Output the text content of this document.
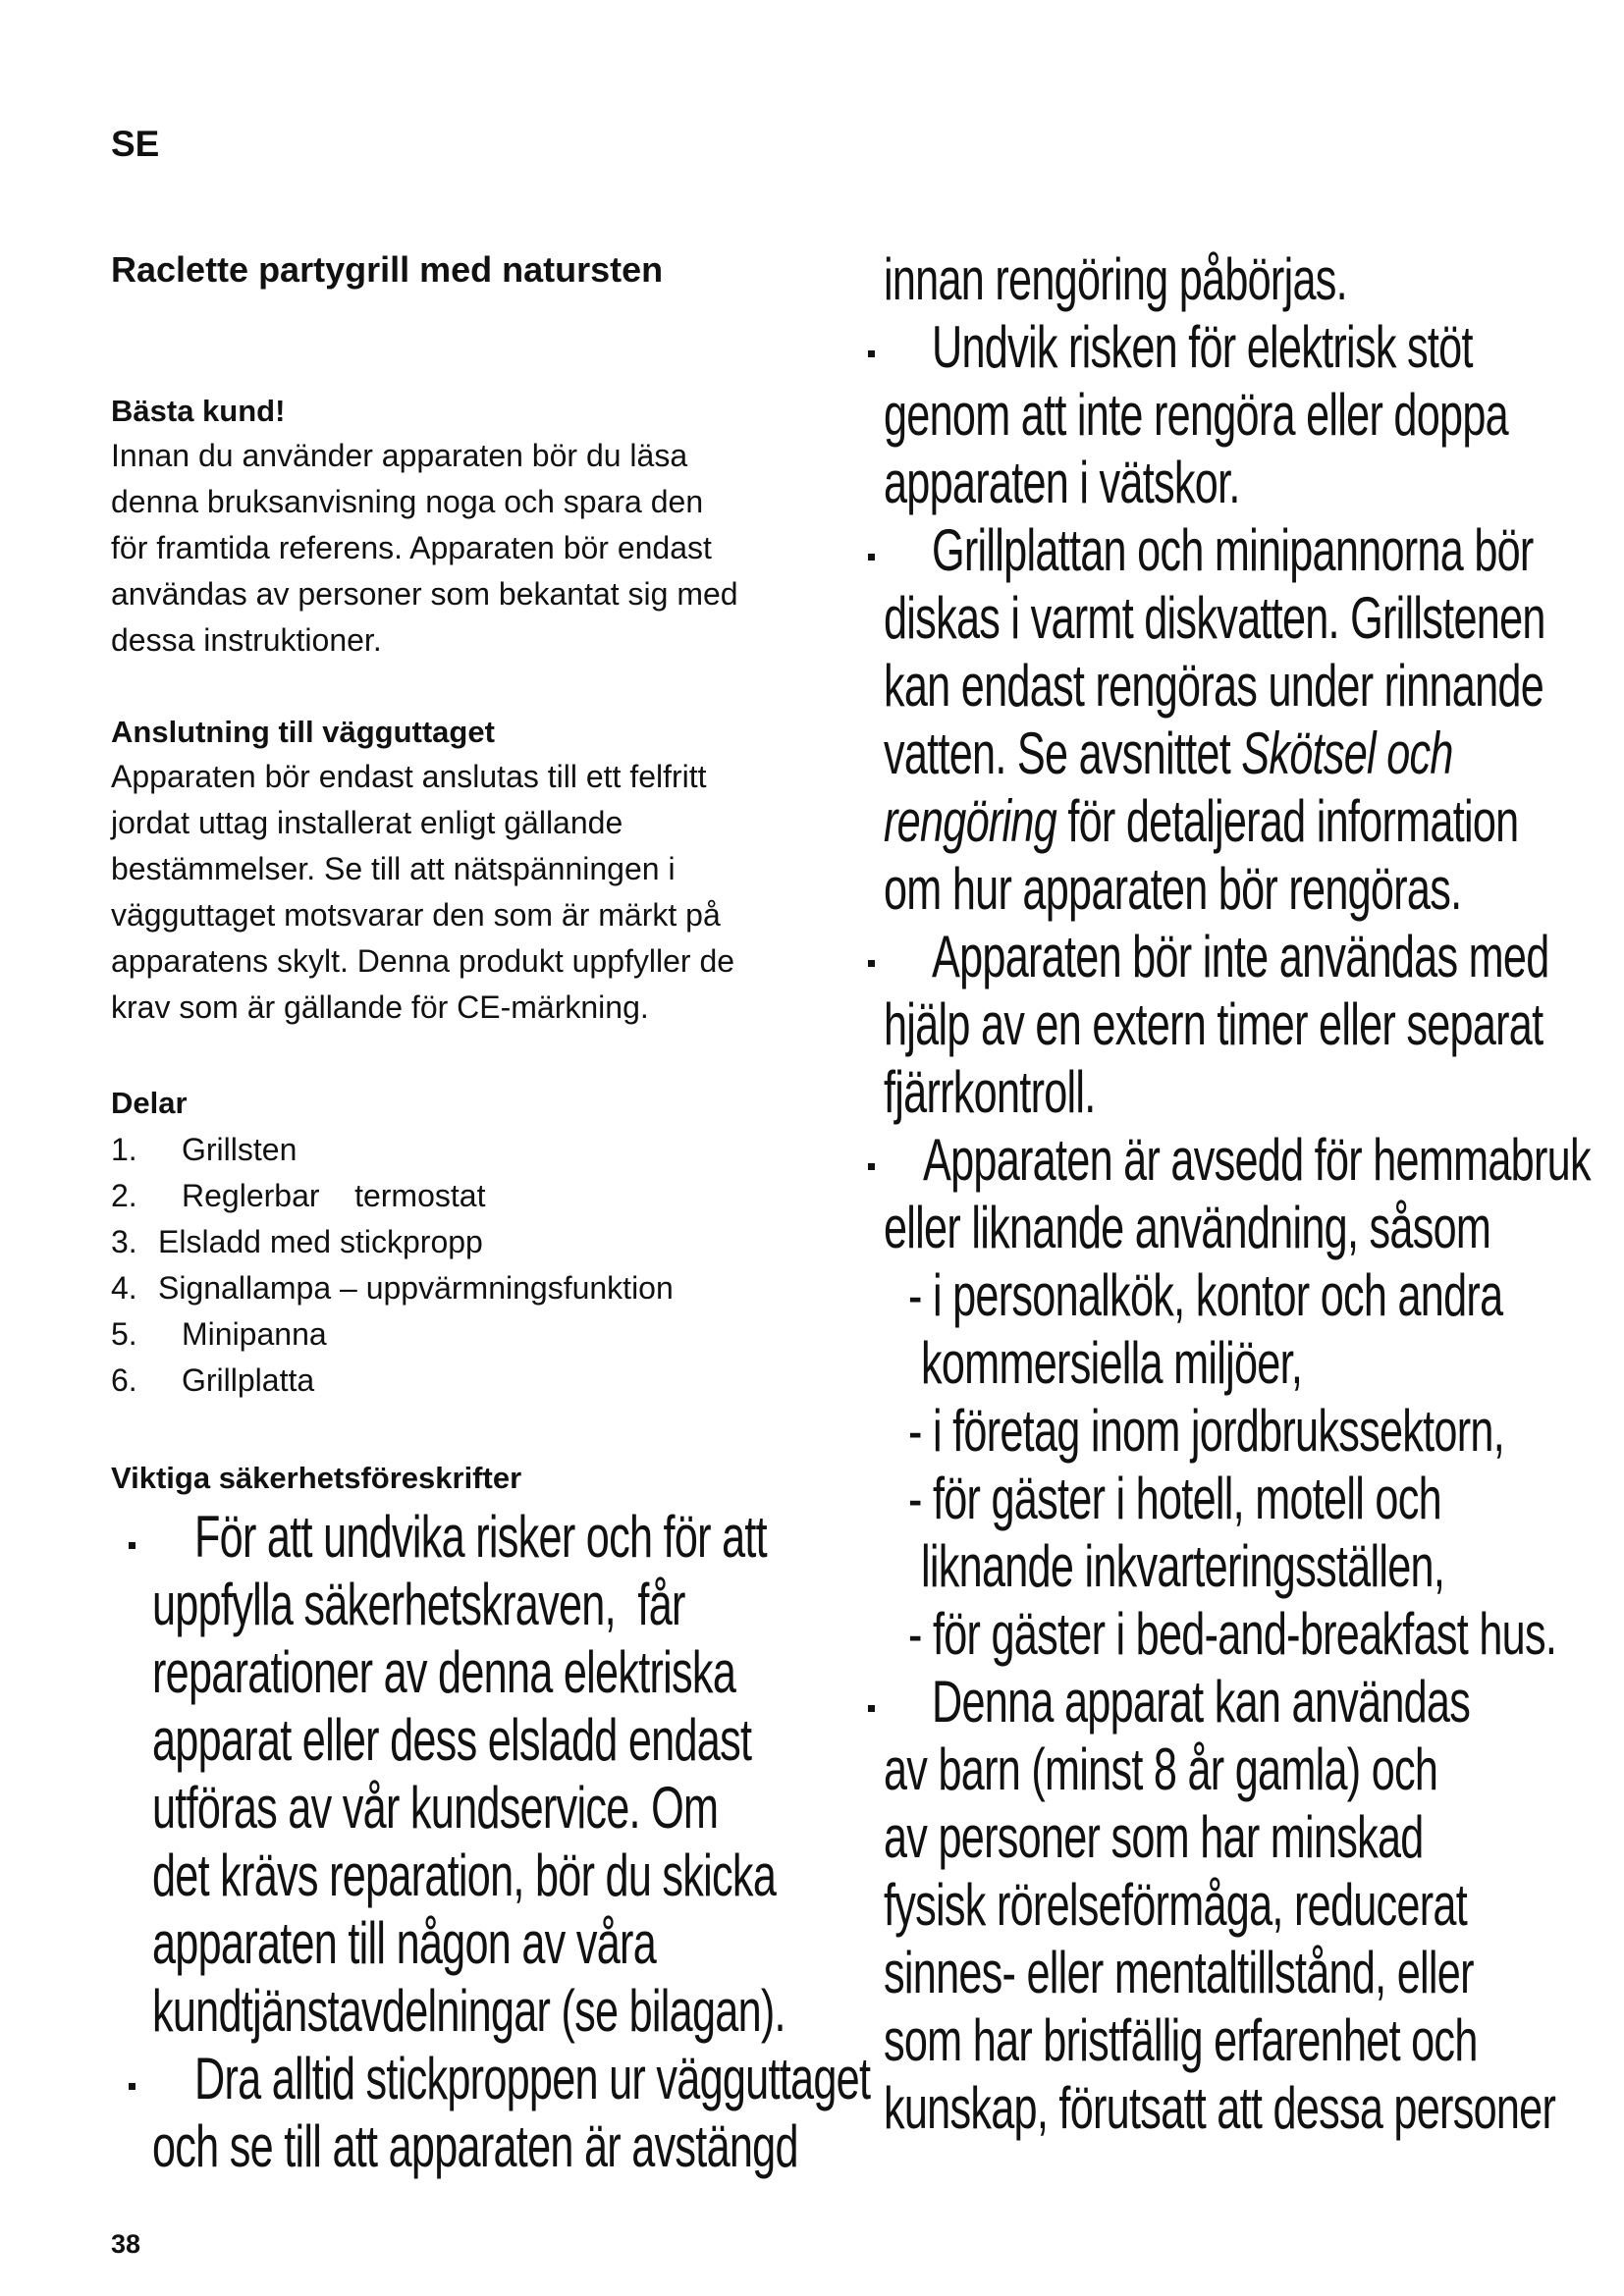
SE
Raclette partygrill med natursten
Bästa kund!
Innan du använder apparaten bör du läsa
denna bruksanvisning noga och spara den
för framtida referens. Apparaten bör endast
användas av personer som bekantat sig med
dessa instruktioner.
Anslutning till vägguttaget
Apparaten bör endast anslutas till ett felfritt
jordat uttag installerat enligt gällande
bestämmelser. Se till att nätspänningen i
vägguttaget motsvarar den som är märkt på
apparatens skylt. Denna produkt uppfyller de
krav som är gällande för CE-märkning.
Delar
1.	Grillsten
2.	Reglerbar    termostat
3. Elsladd med stickpropp
4. Signallampa – uppvärmningsfunktion
5.	Minipanna
6.	Grillplatta
Viktiga säkerhetsföreskrifter
För att undvika risker och för att
uppfylla säkerhetskraven,  får
reparationer av denna elektriska
apparat eller dess elsladd endast
utföras av vår kundservice. Om
det krävs reparation, bör du skicka
apparaten till någon av våra
kundtjänstavdelningar (se bilagan).
Dra alltid stickproppen ur vägguttaget
och se till att apparaten är avstängd
innan rengöring påbörjas.
Undvik risken för elektrisk stöt
genom att inte rengöra eller doppa
apparaten i vätskor.
Grillplattan och minipannorna bör
diskas i varmt diskvatten. Grillstenen
kan endast rengöras under rinnande
vatten. Se avsnittet Skötsel och
rengöring för detaljerad information
om hur apparaten bör rengöras.
Apparaten bör inte användas med
hjälp av en extern timer eller separat
fjärrkontroll.
Apparaten är avsedd för hemmabruk
eller liknande användning, såsom
- i personalkök, kontor och andra
kommersiella miljöer,
- i företag inom jordbrukssektorn,
- för gäster i hotell, motell och
liknande inkvarteringsställen,
- för gäster i bed-and-breakfast hus.
Denna apparat kan användas
av barn (minst 8 år gamla) och
av personer som har minskad
fysisk rörelseförmåga, reducerat
sinnes- eller mentaltillstånd, eller
som har bristfällig erfarenhet och
kunskap, förutsatt att dessa personer
38
